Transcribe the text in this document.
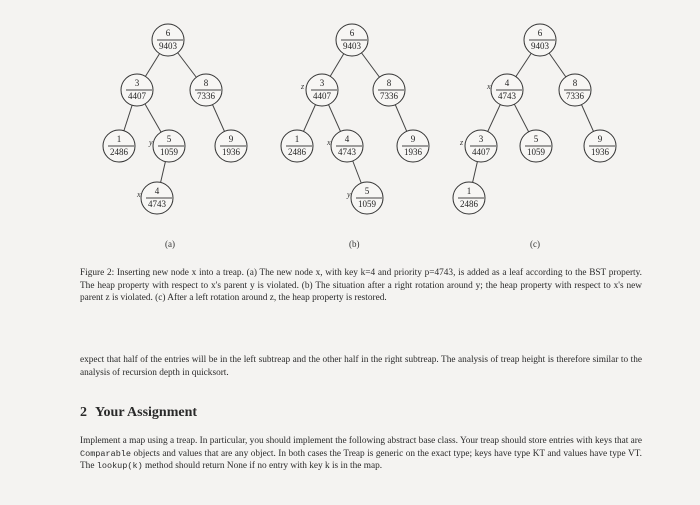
6
9403
3
4407
8
7336
1
2486
5
1059
y	9
1936
4
4743
x
6
9403
3
4407
z	8
7336
1
2486
4
4743
x	9
1936
5
1059
y
6
9403
4
4743
x	8
7336
3
4407
z	5
1059
9
1936
1
2486
(a)	(b)	(c)
Figure 2: Inserting new node x into a treap. (a) The new node x, with key k=4 and priority p=4743, is added as a leaf according to the BST property. The heap property with respect to x's parent y is violated. (b) The situation after a right rotation around y; the heap property with respect to x's new parent z is violated. (c) After a left rotation around z, the heap property is restored.
expect that half of the entries will be in the left subtreap and the other half in the right subtreap. The analysis of treap height is therefore similar to the analysis of recursion depth in quicksort.
2 Your Assignment
Implement a map using a treap. In particular, you should implement the following abstract base class. Your treap should store entries with keys that are Comparable objects and values that are any object. In both cases the Treap is generic on the exact type; keys have type KT and values have type VT. The lookup(k) method should return None if no entry with key k is in the map.
